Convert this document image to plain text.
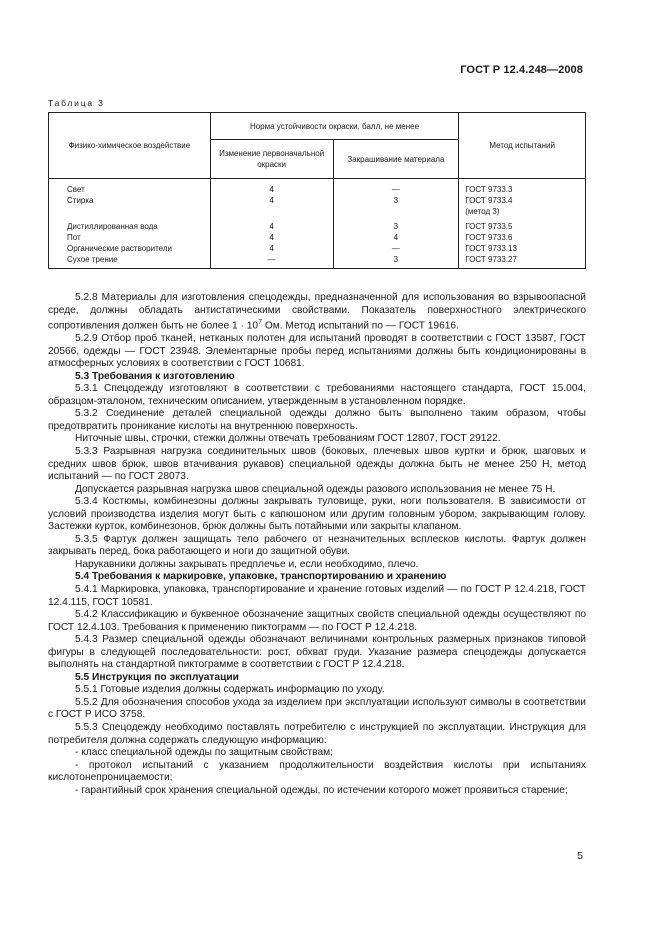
ГОСТ Р 12.4.248—2008
Таблица 3
Физико-химическое воздействие	Норма устойчивости окраски, балл, не менее		Метод испытаний
	Изменение первоначальной окраски	Закрашивание материала	
Свет	4	—	ГОСТ 9733.3
Стирка	4	3	ГОСТ 9733.4
			(метод 3)
Дистиллированная вода	4	3	ГОСТ 9733.5
Пот	4	4	ГОСТ 9733.6
Органические растворители	4	—	ГОСТ 9733.13
Сухое трение	—	3	ГОСТ 9733.27

5.2.8 Материалы для изготовления спецодежды, предназначенной для использования во взрывоопасной среде, должны обладать антистатическими свойствами. Показатель поверхностного электрического сопротивления должен быть не более $1 \cdot 10^7$ Ом. Метод испытаний по — ГОСТ 19616.

5.2.9 Отбор проб тканей, нетканых полотен для испытаний проводят в соответствии с ГОСТ 13587, ГОСТ 20566, одежды — ГОСТ 23948. Элементарные пробы перед испытаниями должны быть кондиционированы в атмосферных условиях в соответствии с ГОСТ 10681.

5.3 Требования к изготовлению

5.3.1 Спецодежду изготовляют в соответствии с требованиями настоящего стандарта, ГОСТ 15.004, образцом-эталоном, техническим описанием, утвержденным в установленном порядке.

5.3.2 Соединение деталей специальной одежды должно быть выполнено таким образом, чтобы предотвратить проникание кислоты на внутреннюю поверхность.

Ниточные швы, строчки, стежки должны отвечать требованиям ГОСТ 12807, ГОСТ 29122.

5.3.3 Разрывная нагрузка соединительных швов (боковых, плечевых швов куртки и брюк, шаговых и средних швов брюк, швов втачивания рукавов) специальной одежды должна быть не менее 250 Н, метод испытаний — по ГОСТ 28073.

Допускается разрывная нагрузка швов специальной одежды разового использования не менее 75 Н.

5.3.4 Костюмы, комбинезоны должны закрывать туловище, руки, ноги пользователя. В зависимости от условий производства изделия могут быть с капюшоном или другим головным убором, закрывающим голову. Застежки курток, комбинезонов, брюк должны быть потайными или закрыты клапаном.

5.3.5 Фартук должен защищать тело рабочего от незначительных всплесков кислоты. Фартук должен закрывать перед, бока работающего и ноги до защитной обуви.

Нарукавники должны закрывать предплечье и, если необходимо, плечо.

5.4 Требования к маркировке, упаковке, транспортированию и хранению

5.4.1 Маркировка, упаковка, транспортирование и хранение готовых изделий — по ГОСТ Р 12.4.218, ГОСТ 12.4.115, ГОСТ 10581.

5.4.2 Классификацию и буквенное обозначение защитных свойств специальной одежды осуществляют по ГОСТ 12.4.103. Требования к применению пиктограмм — по ГОСТ Р 12.4.218.

5.4.3 Размер специальной одежды обозначают величинами контрольных размерных признаков типовой фигуры в следующей последовательности: рост, обхват груди. Указание размера спецодежды допускается выполнять на стандартной пиктограмме в соответствии с ГОСТ Р 12.4.218.

5.5 Инструкция по эксплуатации

5.5.1 Готовые изделия должны содержать информацию по уходу.

5.5.2 Для обозначения способов ухода за изделием при эксплуатации используют символы в соответствии с ГОСТ Р ИСО 3758.

5.5.3 Спецодежду необходимо поставлять потребителю с инструкцией по эксплуатации. Инструкция для потребителя должна содержать следующую информацию:

- класс специальной одежды по защитным свойствам;

- протокол испытаний с указанием продолжительности воздействия кислоты при испытаниях кислотонепроницаемости;

- гарантийный срок хранения специальной одежды, по истечении которого может проявиться старение;

5
